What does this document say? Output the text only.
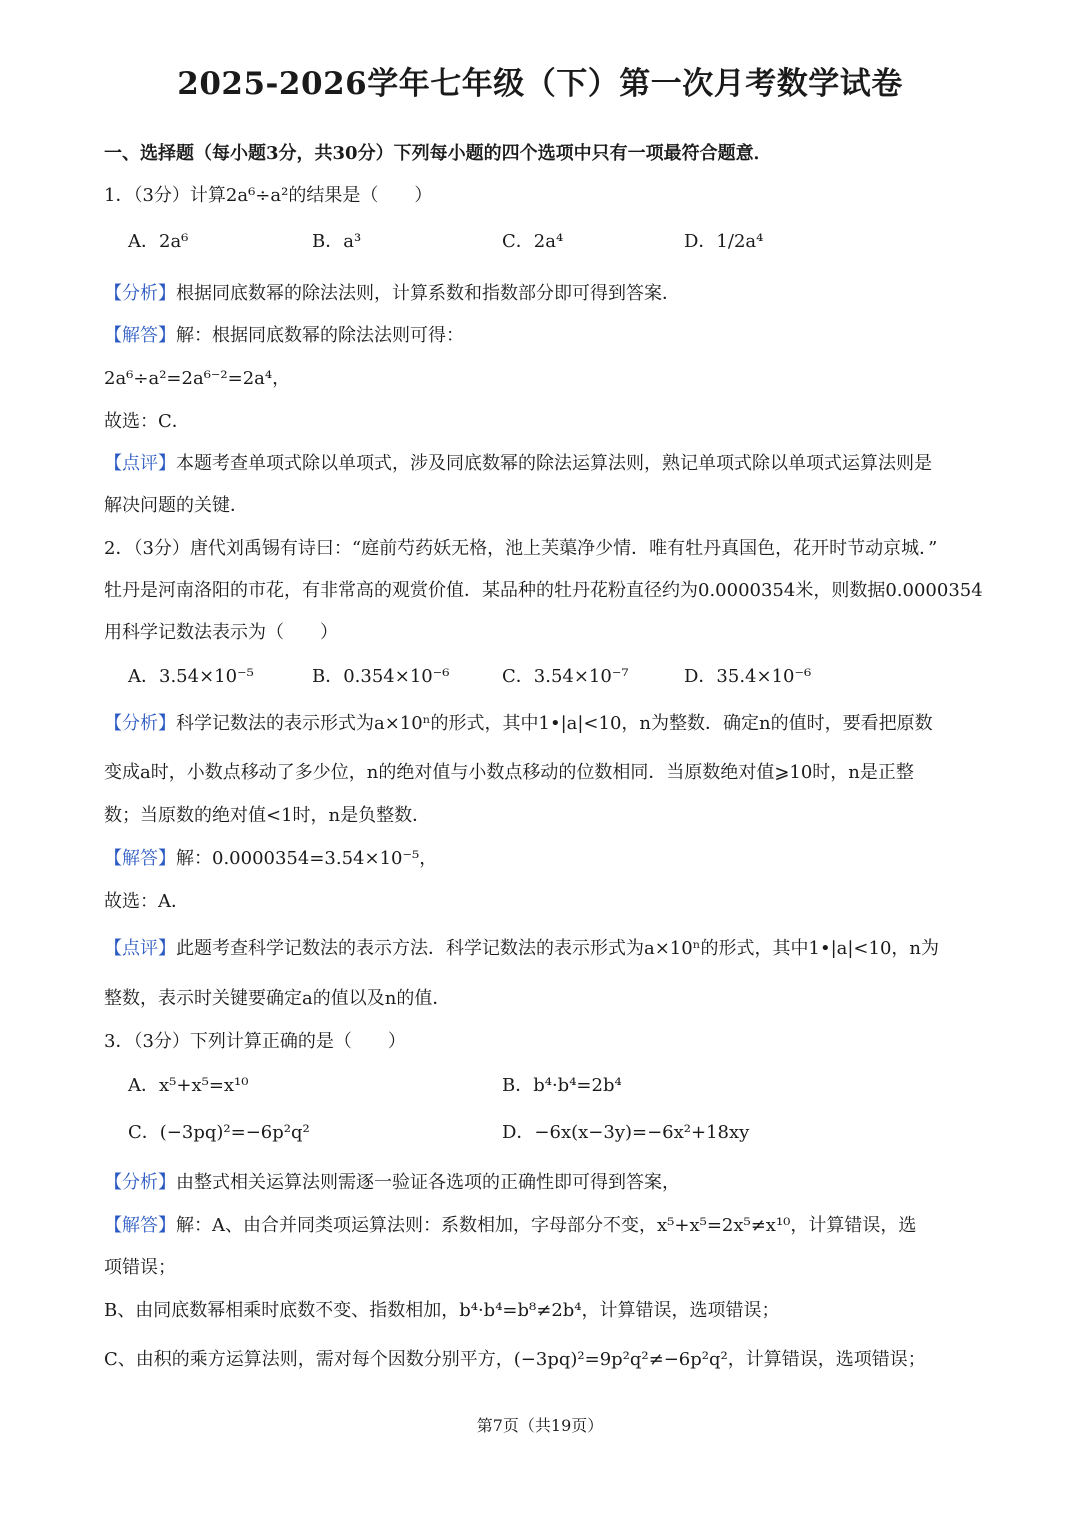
2025-2026学年七年级（下）第一次月考数学试卷
一、选择题（每小题3分，共30分）下列每小题的四个选项中只有一项最符合题意．
1．（3分）计算2a⁶÷a²的结果是（　　）
A．2a⁶	B．a³	C．2a⁴	D．1/2a⁴
【分析】根据同底数幂的除法法则，计算系数和指数部分即可得到答案．
【解答】解：根据同底数幂的除法法则可得：
2a⁶÷a²=2a⁶⁻²=2a⁴，
故选：C．
【点评】本题考查单项式除以单项式，涉及同底数幂的除法运算法则，熟记单项式除以单项式运算法则是
解决问题的关键．
2．（3分）唐代刘禹锡有诗曰：“庭前芍药妖无格，池上芙蕖净少情．唯有牡丹真国色，花开时节动京城．”
牡丹是河南洛阳的市花，有非常高的观赏价值．某品种的牡丹花粉直径约为0.0000354米，则数据0.0000354
用科学记数法表示为（　　）
A．3.54×10⁻⁵	B．0.354×10⁻⁶	C．3.54×10⁻⁷	D．35.4×10⁻⁶
【分析】科学记数法的表示形式为a×10ⁿ的形式，其中1•|a|<10，n为整数．确定n的值时，要看把原数
变成a时，小数点移动了多少位，n的绝对值与小数点移动的位数相同．当原数绝对值⩾10时，n是正整
数；当原数的绝对值<1时，n是负整数．
【解答】解：0.0000354=3.54×10⁻⁵，
故选：A．
【点评】此题考查科学记数法的表示方法．科学记数法的表示形式为a×10ⁿ的形式，其中1•|a|<10，n为
整数，表示时关键要确定a的值以及n的值．
3．（3分）下列计算正确的是（　　）
A．x⁵+x⁵=x¹⁰	B．b⁴·b⁴=2b⁴
C．(−3pq)²=−6p²q²	D．−6x(x−3y)=−6x²+18xy
【分析】由整式相关运算法则需逐一验证各选项的正确性即可得到答案，
【解答】解：A、由合并同类项运算法则：系数相加，字母部分不变，x⁵+x⁵=2x⁵≠x¹⁰，计算错误，选
项错误；
B、由同底数幂相乘时底数不变、指数相加，b⁴·b⁴=b⁸≠2b⁴，计算错误，选项错误；
C、由积的乘方运算法则，需对每个因数分别平方，(−3pq)²=9p²q²≠−6p²q²，计算错误，选项错误；
第7页（共19页）
